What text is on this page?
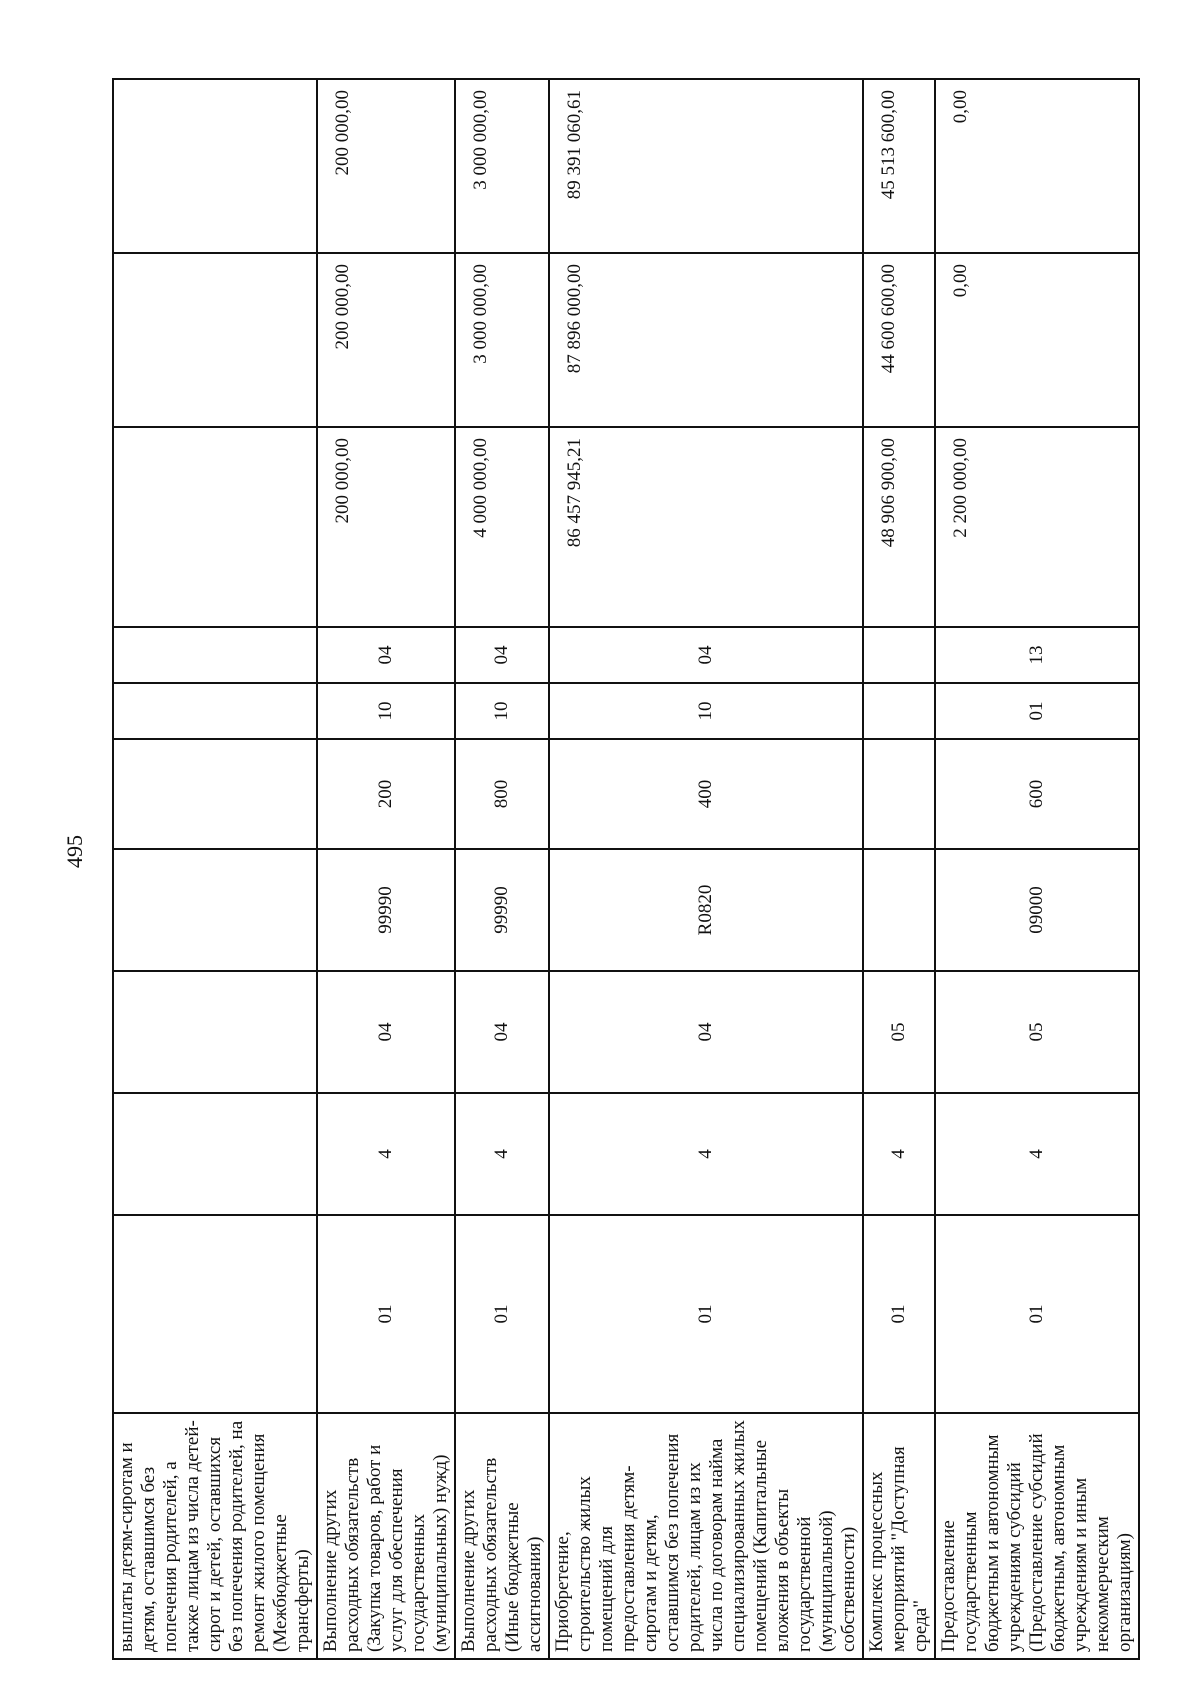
495
выплаты детям-сиротам и детям, оставшимся без попечения родителей, а также лицам из числа детей-сирот и детей, оставшихся без попечения родителей, на ремонт жилого помещения (Межбюджетные трансферты)										
Выполнение других расходных обязательств (Закупка товаров, работ и услуг для обеспечения государственных (муниципальных) нужд)	01	4	04	99990	200	10	04	200 000,00	200 000,00	200 000,00
Выполнение других расходных обязательств (Иные бюджетные ассигнования)	01	4	04	99990	800	10	04	4 000 000,00	3 000 000,00	3 000 000,00
Приобретение, строительство жилых помещений для предоставления детям-сиротам и детям, оставшимся без попечения родителей, лицам из их числа по договорам найма специализированных жилых помещений (Капитальные вложения в объекты государственной (муниципальной) собственности)	01	4	04	R0820	400	10	04	86 457 945,21	87 896 000,00	89 391 060,61
Комплекс процессных мероприятий "Доступная среда"	01	4	05					48 906 900,00	44 600 600,00	45 513 600,00
Предоставление государственным бюджетным и автономным учреждениям субсидий (Предоставление субсидий бюджетным, автономным учреждениям и иным некоммерческим организациям)	01	4	05	09000	600	01	13	2 200 000,00	0,00	0,00
